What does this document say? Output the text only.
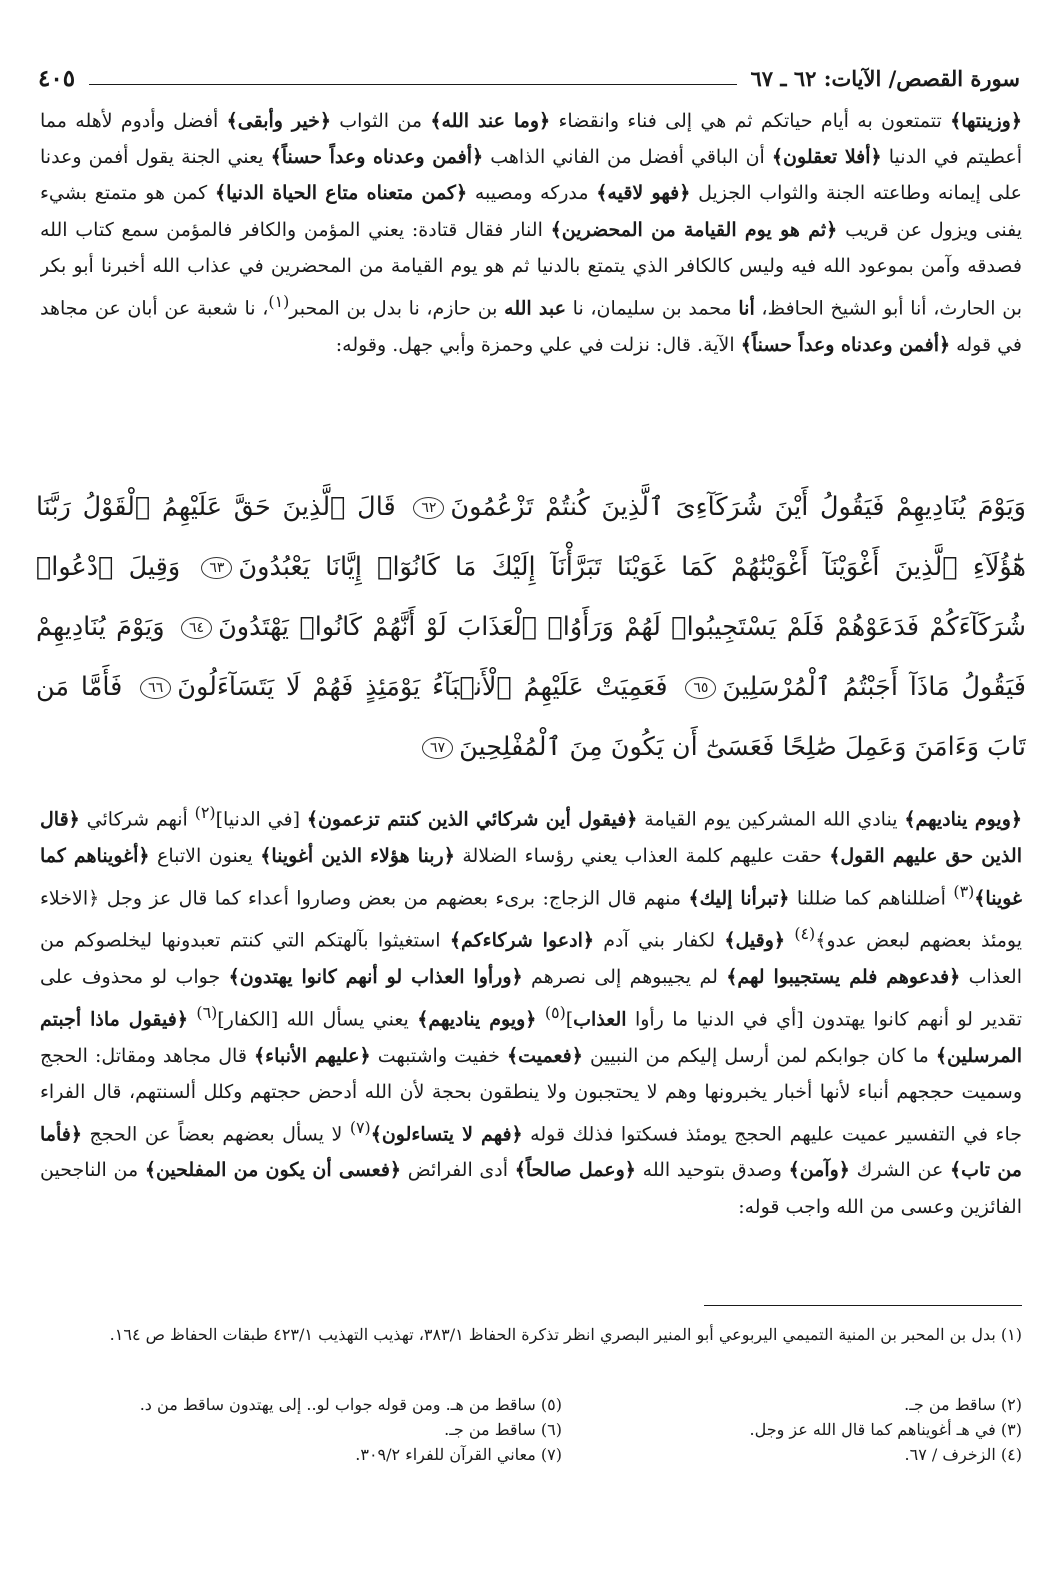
سورة القصص/ الآيات: ٦٢ ـ ٦٧
٤٠٥
﴿وزينتها﴾ تتمتعون به أيام حياتكم ثم هي إلى فناء وانقضاء ﴿وما عند الله﴾ من الثواب ﴿خير وأبقى﴾ أفضل وأدوم لأهله مما أعطيتم في الدنيا ﴿أفلا تعقلون﴾ أن الباقي أفضل من الفاني الذاهب ﴿أفمن وعدناه وعداً حسناً﴾ يعني الجنة يقول أفمن وعدنا على إيمانه وطاعته الجنة والثواب الجزيل ﴿فهو لاقيه﴾ مدركه ومصيبه ﴿كمن متعناه متاع الحياة الدنيا﴾ كمن هو متمتع بشيء يفنى ويزول عن قريب ﴿ثم هو يوم القيامة من المحضرين﴾ النار فقال قتادة: يعني المؤمن والكافر فالمؤمن سمع كتاب الله فصدقه وآمن بموعود الله فيه وليس كالكافر الذي يتمتع بالدنيا ثم هو يوم القيامة من المحضرين في عذاب الله أخبرنا أبو بكر بن الحارث، أنا أبو الشيخ الحافظ، أنا محمد بن سليمان، نا عبد الله بن حازم، نا بدل بن المحبر$^{(١)}$، نا شعبة عن أبان عن مجاهد في قوله ﴿أفمن وعدناه وعداً حسناً﴾ الآية. قال: نزلت في علي وحمزة وأبي جهل. وقوله:
وَيَوْمَ يُنَادِيهِمْ فَيَقُولُ أَيْنَ شُرَكَآءِىَ ٱلَّذِينَ كُنتُمْ تَزْعُمُونَ٦٢ قَالَ ٱلَّذِينَ حَقَّ عَلَيْهِمُ ٱلْقَوْلُ رَبَّنَا هَٰٓؤُلَآءِ ٱلَّذِينَ أَغْوَيْنَآ أَغْوَيْنَٰهُمْ كَمَا غَوَيْنَا تَبَرَّأْنَآ إِلَيْكَ مَا كَانُوٓا۟ إِيَّانَا يَعْبُدُونَ٦٣ وَقِيلَ ٱدْعُوا۟ شُرَكَآءَكُمْ فَدَعَوْهُمْ فَلَمْ يَسْتَجِيبُوا۟ لَهُمْ وَرَأَوُا۟ ٱلْعَذَابَ لَوْ أَنَّهُمْ كَانُوا۟ يَهْتَدُونَ٦٤ وَيَوْمَ يُنَادِيهِمْ فَيَقُولُ مَاذَآ أَجَبْتُمُ ٱلْمُرْسَلِينَ٦٥ فَعَمِيَتْ عَلَيْهِمُ ٱلْأَنۢبَآءُ يَوْمَئِذٍ فَهُمْ لَا يَتَسَآءَلُونَ٦٦ فَأَمَّا مَن تَابَ وَءَامَنَ وَعَمِلَ صَٰلِحًا فَعَسَىٰٓ أَن يَكُونَ مِنَ ٱلْمُفْلِحِينَ٦٧
﴿ويوم يناديهم﴾ ينادي الله المشركين يوم القيامة ﴿فيقول أين شركائي الذين كنتم تزعمون﴾ [في الدنيا]$^{(٢)}$ أنهم شركائي ﴿قال الذين حق عليهم القول﴾ حقت عليهم كلمة العذاب يعني رؤساء الضلالة ﴿ربنا هؤلاء الذين أغوينا﴾ يعنون الاتباع ﴿أغويناهم كما غوينا﴾$^{(٣)}$ أضللناهم كما ضللنا ﴿تبرأنا إليك﴾ منهم قال الزجاج: برىء بعضهم من بعض وصاروا أعداء كما قال عز وجل ﴿الاخلاء يومئذ بعضهم لبعض عدو﴾$^{(٤)}$ ﴿وقيل﴾ لكفار بني آدم ﴿ادعوا شركاءكم﴾ استغيثوا بآلهتكم التي كنتم تعبدونها ليخلصوكم من العذاب ﴿فدعوهم فلم يستجيبوا لهم﴾ لم يجيبوهم إلى نصرهم ﴿ورأوا العذاب لو أنهم كانوا يهتدون﴾ جواب لو محذوف على تقدير لو أنهم كانوا يهتدون [أي في الدنيا ما رأوا العذاب]$^{(٥)}$ ﴿ويوم يناديهم﴾ يعني يسأل الله [الكفار]$^{(٦)}$ ﴿فيقول ماذا أجبتم المرسلين﴾ ما كان جوابكم لمن أرسل إليكم من النبيين ﴿فعميت﴾ خفيت واشتبهت ﴿عليهم الأنباء﴾ قال مجاهد ومقاتل: الحجج وسميت حججهم أنباء لأنها أخبار يخبرونها وهم لا يحتجبون ولا ينطقون بحجة لأن الله أدحض حجتهم وكلل ألسنتهم، قال الفراء جاء في التفسير عميت عليهم الحجج يومئذ فسكتوا فذلك قوله ﴿فهم لا يتساءلون﴾$^{(٧)}$ لا يسأل بعضهم بعضاً عن الحجج ﴿فأما من تاب﴾ عن الشرك ﴿وآمن﴾ وصدق بتوحيد الله ﴿وعمل صالحاً﴾ أدى الفرائض ﴿فعسى أن يكون من المفلحين﴾ من الناجحين الفائزين وعسى من الله واجب قوله:
(١) بدل بن المحبر بن المنية التميمي اليربوعي أبو المنير البصري انظر تذكرة الحفاظ ٣٨٣/١، تهذيب التهذيب ٤٢٣/١ طبقات الحفاظ ص ١٦٤.
(٢) ساقط من جـ.
(٣) في هـ أغويناهم كما قال الله عز وجل.
(٤) الزخرف / ٦٧.
(٥) ساقط من هـ. ومن قوله جواب لو.. إلى يهتدون ساقط من د.
(٦) ساقط من جـ.
(٧) معاني القرآن للفراء ٣٠٩/٢.
